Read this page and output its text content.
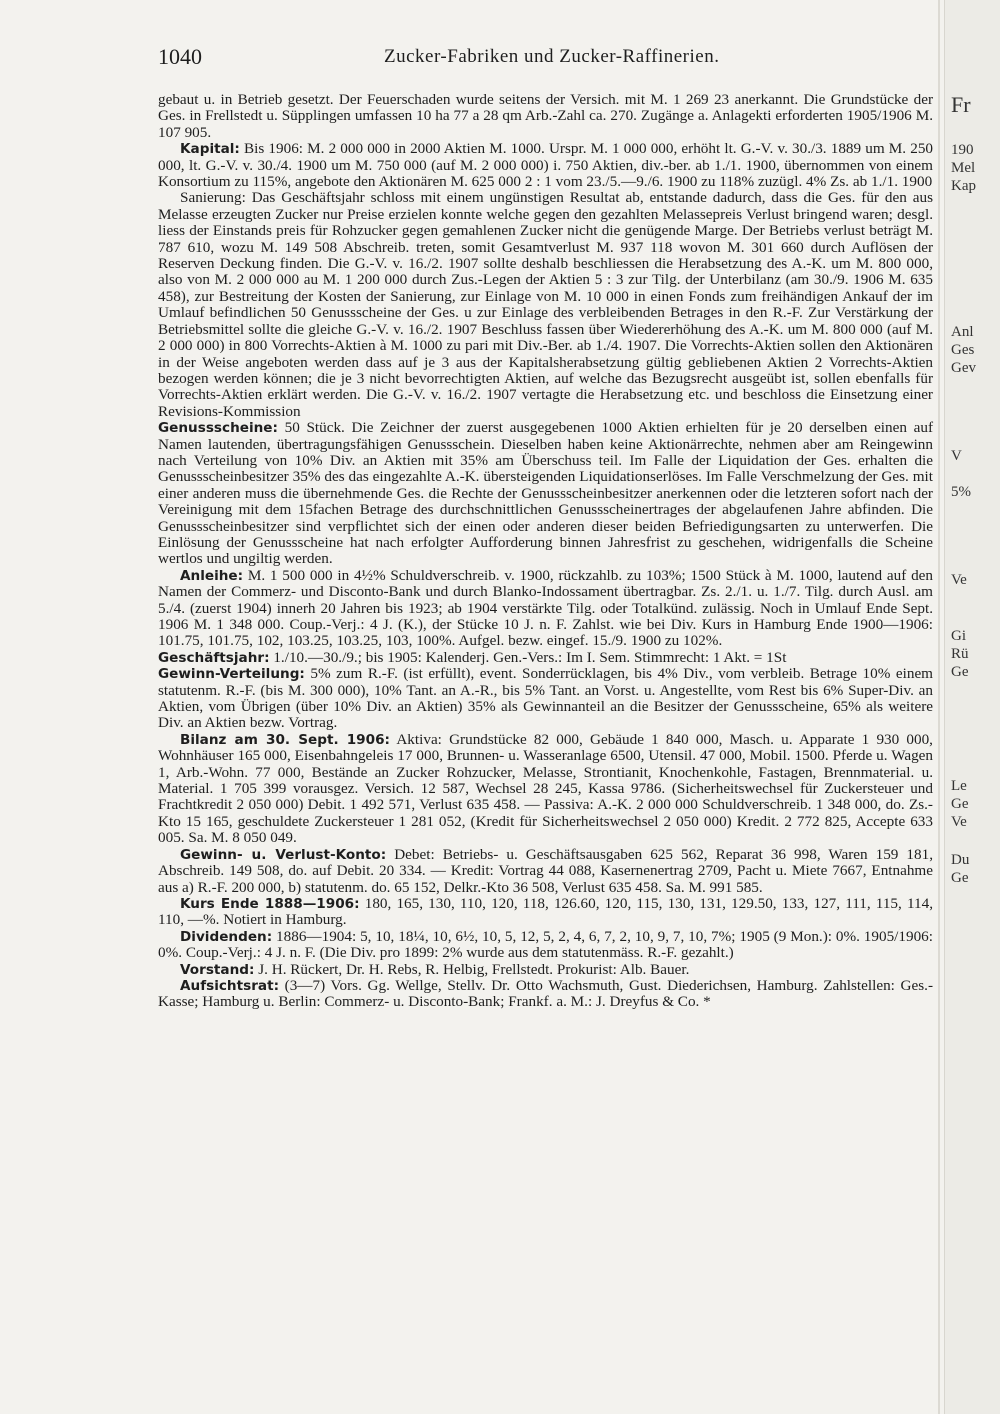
1040	Zucker-Fabriken und Zucker-Raffinerien.

gebaut u. in Betrieb gesetzt. Der Feuerschaden wurde seitens der Versich. mit M. 1 269 23 anerkannt. Die Grundstücke der Ges. in Frellstedt u. Süpplingen umfassen 10 ha 77 a 28 qm Arb.-Zahl ca. 270. Zugänge a. Anlagekti erforderten 1905/1906 M. 107 905.

Kapital: Bis 1906: M. 2 000 000 in 2000 Aktien M. 1000. Urspr. M. 1 000 000, erhöht lt. G.-V. v. 30./3. 1889 um M. 250 000, lt. G.-V. v. 30./4. 1900 um M. 750 000 (auf M. 2 000 000) i. 750 Aktien, div.-ber. ab 1./1. 1900, übernommen von einem Konsortium zu 115%, angebote den Aktionären M. 625 000 2 : 1 vom 23./5.—9./6. 1900 zu 118% zuzügl. 4% Zs. ab 1./1. 1900

Sanierung: Das Geschäftsjahr schloss mit einem ungünstigen Resultat ab, entstande dadurch, dass die Ges. für den aus Melasse erzeugten Zucker nur Preise erzielen konnte welche gegen den gezahlten Melassepreis Verlust bringend waren; desgl. liess der Einstands preis für Rohzucker gegen gemahlenen Zucker nicht die genügende Marge. Der Betriebs verlust beträgt M. 787 610, wozu M. 149 508 Abschreib. treten, somit Gesamtverlust M. 937 118 wovon M. 301 660 durch Auflösen der Reserven Deckung finden. Die G.-V. v. 16./2. 1907 sollte deshalb beschliessen die Herabsetzung des A.-K. um M. 800 000, also von M. 2 000 000 au M. 1 200 000 durch Zus.-Legen der Aktien 5 : 3 zur Tilg. der Unterbilanz (am 30./9. 1906 M. 635 458), zur Bestreitung der Kosten der Sanierung, zur Einlage von M. 10 000 in einen Fonds zum freihändigen Ankauf der im Umlauf befindlichen 50 Genussscheine der Ges. u zur Einlage des verbleibenden Betrages in den R.-F. Zur Verstärkung der Betriebsmittel sollte die gleiche G.-V. v. 16./2. 1907 Beschluss fassen über Wiedererhöhung des A.-K. um M. 800 000 (auf M. 2 000 000) in 800 Vorrechts-Aktien à M. 1000 zu pari mit Div.-Ber. ab 1./4. 1907. Die Vorrechts-Aktien sollen den Aktionären in der Weise angeboten werden dass auf je 3 aus der Kapitalsherabsetzung gültig gebliebenen Aktien 2 Vorrechts-Aktien bezogen werden können; die je 3 nicht bevorrechtigten Aktien, auf welche das Bezugsrecht ausgeübt ist, sollen ebenfalls für Vorrechts-Aktien erklärt werden. Die G.-V. v. 16./2. 1907 vertagte die Herabsetzung etc. und beschloss die Einsetzung einer Revisions-Kommission

Genussscheine: 50 Stück. Die Zeichner der zuerst ausgegebenen 1000 Aktien erhielten für je 20 derselben einen auf Namen lautenden, übertragungsfähigen Genussschein. Dieselben haben keine Aktionärrechte, nehmen aber am Reingewinn nach Verteilung von 10% Div. an Aktien mit 35% am Überschuss teil. Im Falle der Liquidation der Ges. erhalten die Genussscheinbesitzer 35% des das eingezahlte A.-K. übersteigenden Liquidationserlöses. Im Falle Verschmelzung der Ges. mit einer anderen muss die übernehmende Ges. die Rechte der Genussscheinbesitzer anerkennen oder die letzteren sofort nach der Vereinigung mit dem 15fachen Betrage des durchschnittlichen Genussscheinertrages der abgelaufenen Jahre abfinden. Die Genussscheinbesitzer sind verpflichtet sich der einen oder anderen dieser beiden Befriedigungsarten zu unterwerfen. Die Einlösung der Genussscheine hat nach erfolgter Aufforderung binnen Jahresfrist zu geschehen, widrigenfalls die Scheine wertlos und ungiltig werden.

Anleihe: M. 1 500 000 in 4½% Schuldverschreib. v. 1900, rückzahlb. zu 103%; 1500 Stück à M. 1000, lautend auf den Namen der Commerz- und Disconto-Bank und durch Blanko-Indossament übertragbar. Zs. 2./1. u. 1./7. Tilg. durch Ausl. am 5./4. (zuerst 1904) innerh 20 Jahren bis 1923; ab 1904 verstärkte Tilg. oder Totalkünd. zulässig. Noch in Umlauf Ende Sept. 1906 M. 1 348 000. Coup.-Verj.: 4 J. (K.), der Stücke 10 J. n. F. Zahlst. wie bei Div. Kurs in Hamburg Ende 1900—1906: 101.75, 101.75, 102, 103.25, 103.25, 103, 100%. Aufgel. bezw. eingef. 15./9. 1900 zu 102%.

Geschäftsjahr: 1./10.—30./9.; bis 1905: Kalenderj. Gen.-Vers.: Im I. Sem. Stimmrecht: 1 Akt. = 1St

Gewinn-Verteilung: 5% zum R.-F. (ist erfüllt), event. Sonderrücklagen, bis 4% Div., vom verbleib. Betrage 10% einem statutenm. R.-F. (bis M. 300 000), 10% Tant. an A.-R., bis 5% Tant. an Vorst. u. Angestellte, vom Rest bis 6% Super-Div. an Aktien, vom Übrigen (über 10% Div. an Aktien) 35% als Gewinnanteil an die Besitzer der Genussscheine, 65% als weitere Div. an Aktien bezw. Vortrag.

Bilanz am 30. Sept. 1906: Aktiva: Grundstücke 82 000, Gebäude 1 840 000, Masch. u. Apparate 1 930 000, Wohnhäuser 165 000, Eisenbahngeleis 17 000, Brunnen- u. Wasseranlage 6500, Utensil. 47 000, Mobil. 1500. Pferde u. Wagen 1, Arb.-Wohn. 77 000, Bestände an Zucker Rohzucker, Melasse, Strontianit, Knochenkohle, Fastagen, Brennmaterial. u. Material. 1 705 399 vorausgez. Versich. 12 587, Wechsel 28 245, Kassa 9786. (Sicherheitswechsel für Zuckersteuer und Frachtkredit 2 050 000) Debit. 1 492 571, Verlust 635 458. — Passiva: A.-K. 2 000 000 Schuldverschreib. 1 348 000, do. Zs.-Kto 15 165, geschuldete Zuckersteuer 1 281 052, (Kredit für Sicherheitswechsel 2 050 000) Kredit. 2 772 825, Accepte 633 005. Sa. M. 8 050 049.

Gewinn- u. Verlust-Konto: Debet: Betriebs- u. Geschäftsausgaben 625 562, Reparat 36 998, Waren 159 181, Abschreib. 149 508, do. auf Debit. 20 334. — Kredit: Vortrag 44 088, Kasernenertrag 2709, Pacht u. Miete 7667, Entnahme aus a) R.-F. 200 000, b) statutenm. do. 65 152, Delkr.-Kto 36 508, Verlust 635 458. Sa. M. 991 585.

Kurs Ende 1888—1906: 180, 165, 130, 110, 120, 118, 126.60, 120, 115, 130, 131, 129.50, 133, 127, 111, 115, 114, 110, —%. Notiert in Hamburg.

Dividenden: 1886—1904: 5, 10, 18¼, 10, 6½, 10, 5, 12, 5, 2, 4, 6, 7, 2, 10, 9, 7, 10, 7%; 1905 (9 Mon.): 0%. 1905/1906: 0%. Coup.-Verj.: 4 J. n. F. (Die Div. pro 1899: 2% wurde aus dem statutenmäss. R.-F. gezahlt.)

Vorstand: J. H. Rückert, Dr. H. Rebs, R. Helbig, Frellstedt. Prokurist: Alb. Bauer.

Aufsichtsrat: (3—7) Vors. Gg. Wellge, Stellv. Dr. Otto Wachsmuth, Gust. Diederichsen, Hamburg. Zahlstellen: Ges.-Kasse; Hamburg u. Berlin: Commerz- u. Disconto-Bank; Frankf. a. M.: J. Dreyfus & Co. *

Fr
190
Mel
Kap
Anl
Ges
Gev
V
5%
Ve
Gi
Rü
Ge
Le
Ge
Ve
Du
Ge
